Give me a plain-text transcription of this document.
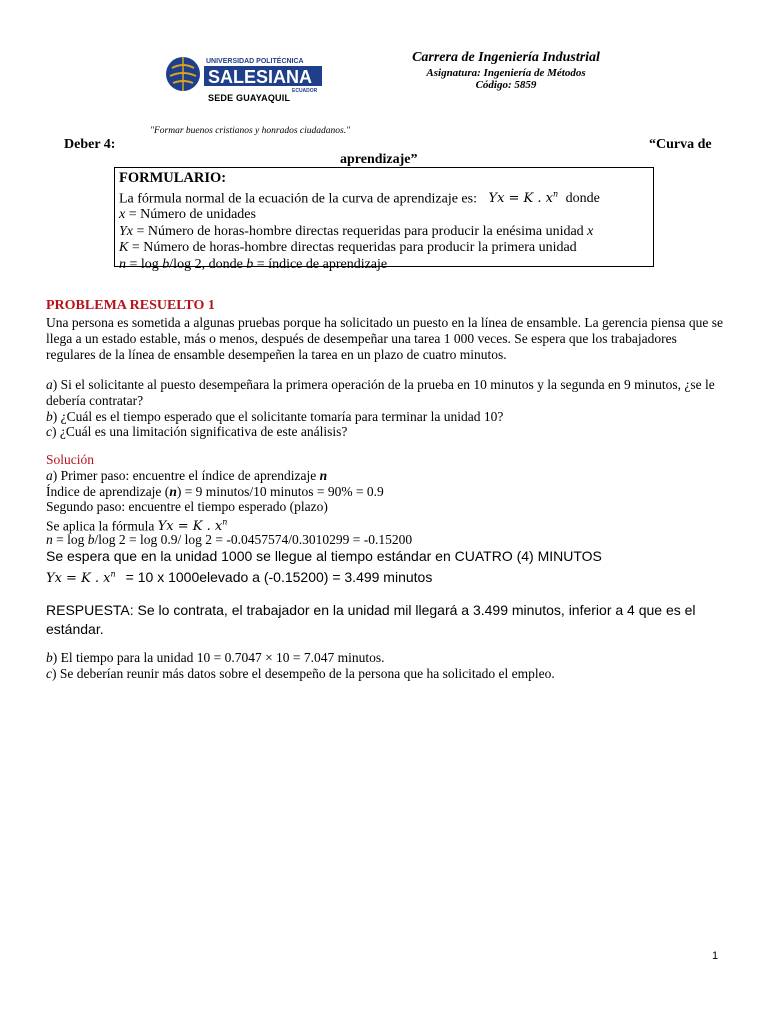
UNIVERSIDAD POLITÉCNICA
SALESIANA
ECUADOR
SEDE GUAYAQUIL
Carrera de Ingeniería Industrial
Asignatura: Ingeniería de Métodos
Código: 5859
"Formar buenos cristianos y honrados ciudadanos."
Deber 4:	“Curva de
aprendizaje”
FORMULARIO:
La fórmula normal de la ecuación de la curva de aprendizaje es: Yx = K . $x^n$ donde
x = Número de unidades
Yx = Número de horas-hombre directas requeridas para producir la enésima unidad x
K = Número de horas-hombre directas requeridas para producir la primera unidad
n = log b/log 2, donde b = índice de aprendizaje
PROBLEMA RESUELTO 1
Una persona es sometida a algunas pruebas porque ha solicitado un puesto en la línea de ensamble. La gerencia piensa que se llega a un estado estable, más o menos, después de desempeñar una tarea 1 000 veces. Se espera que los trabajadores regulares de la línea de ensamble desempeñen la tarea en un plazo de cuatro minutos.
a) Si el solicitante al puesto desempeñara la primera operación de la prueba en 10 minutos y la segunda en 9 minutos, ¿se le debería contratar?
b) ¿Cuál es el tiempo esperado que el solicitante tomaría para terminar la unidad 10?
c) ¿Cuál es una limitación significativa de este análisis?
Solución
a) Primer paso: encuentre el índice de aprendizaje n
Índice de aprendizaje (n) = 9 minutos/10 minutos = 90% = 0.9
Segundo paso: encuentre el tiempo esperado (plazo)
Se aplica la fórmula Yx = K . $x^n$
n = log b/log 2 = log 0.9/ log 2 = -0.0457574/0.3010299 = -0.15200
Se espera que en la unidad 1000 se llegue al tiempo estándar en CUATRO (4) MINUTOS
Yx = K . $x^n = 10$ x 1000elevado a (-0.15200) = 3.499 minutos
RESPUESTA: Se lo contrata, el trabajador en la unidad mil llegará a 3.499 minutos, inferior a 4 que es el estándar.
b) El tiempo para la unidad 10 = 0.7047 × 10 = 7.047 minutos.
c) Se deberían reunir más datos sobre el desempeño de la persona que ha solicitado el empleo.
1
